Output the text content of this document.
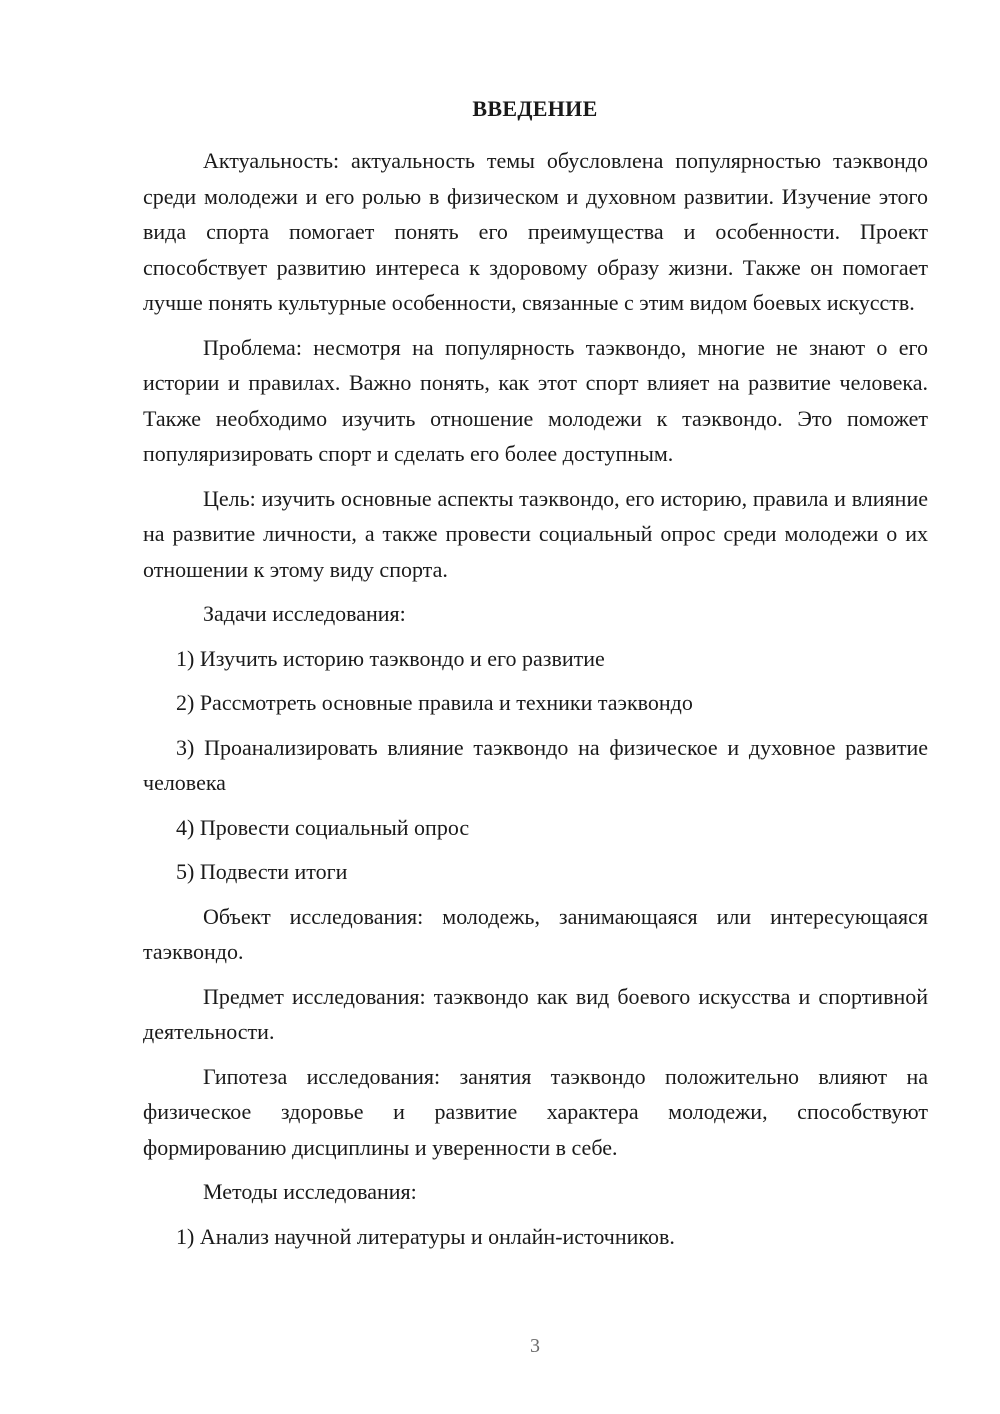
ВВЕДЕНИЕ

Актуальность: актуальность темы обусловлена популярностью таэквондо среди молодежи и его ролью в физическом и духовном развитии. Изучение этого вида спорта помогает понять его преимущества и особенности. Проект способствует развитию интереса к здоровому образу жизни. Также он помогает лучше понять культурные особенности, связанные с этим видом боевых искусств.

Проблема: несмотря на популярность таэквондо, многие не знают о его истории и правилах. Важно понять, как этот спорт влияет на развитие человека. Также необходимо изучить отношение молодежи к таэквондо. Это поможет популяризировать спорт и сделать его более доступным.

Цель: изучить основные аспекты таэквондо, его историю, правила и влияние на развитие личности, а также провести социальный опрос среди молодежи о их отношении к этому виду спорта.

Задачи исследования:

1) Изучить историю таэквондо и его развитие

2) Рассмотреть основные правила и техники таэквондо

3) Проанализировать влияние таэквондо на физическое и духовное развитие человека

4) Провести социальный опрос

5) Подвести итоги

Объект исследования: молодежь, занимающаяся или интересующаяся таэквондо.

Предмет исследования: таэквондо как вид боевого искусства и спортивной деятельности.

Гипотеза исследования: занятия таэквондо положительно влияют на физическое здоровье и развитие характера молодежи, способствуют формированию дисциплины и уверенности в себе.

Методы исследования:

1) Анализ научной литературы и онлайн-источников.

3
